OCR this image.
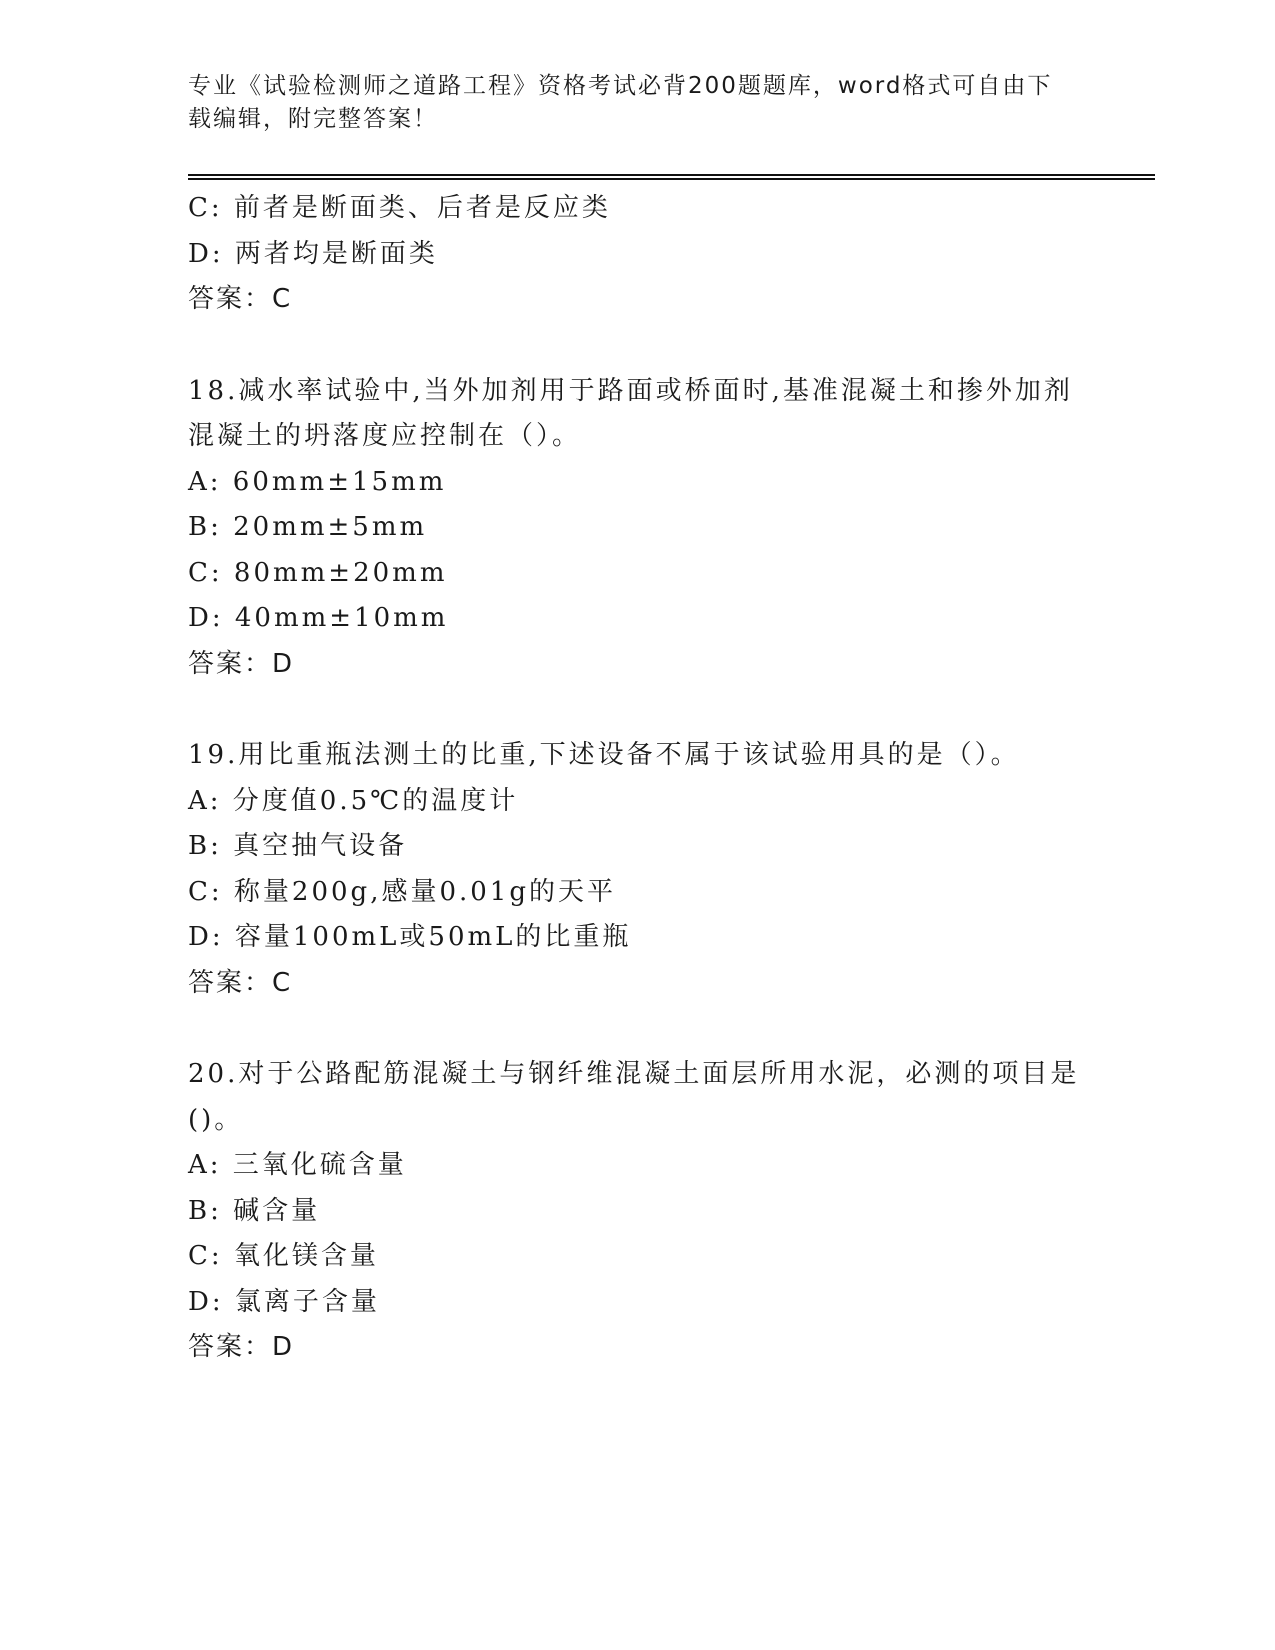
专业《试验检测师之道路工程》资格考试必背200题题库，word格式可自由下载编辑，附完整答案！

C: 前者是断面类、后者是反应类
D: 两者均是断面类
答案：C
18.减水率试验中,当外加剂用于路面或桥面时,基准混凝土和掺外加剂
混凝土的坍落度应控制在（）。
A: 60mm±15mm
B: 20mm±5mm
C: 80mm±20mm
D: 40mm±10mm
答案：D
19.用比重瓶法测土的比重,下述设备不属于该试验用具的是（）。
A: 分度值0.5℃的温度计
B: 真空抽气设备
C: 称量200g,感量0.01g的天平
D: 容量100mL或50mL的比重瓶
答案：C
20.对于公路配筋混凝土与钢纤维混凝土面层所用水泥，必测的项目是
()。
A: 三氧化硫含量
B: 碱含量
C: 氧化镁含量
D: 氯离子含量
答案：D
